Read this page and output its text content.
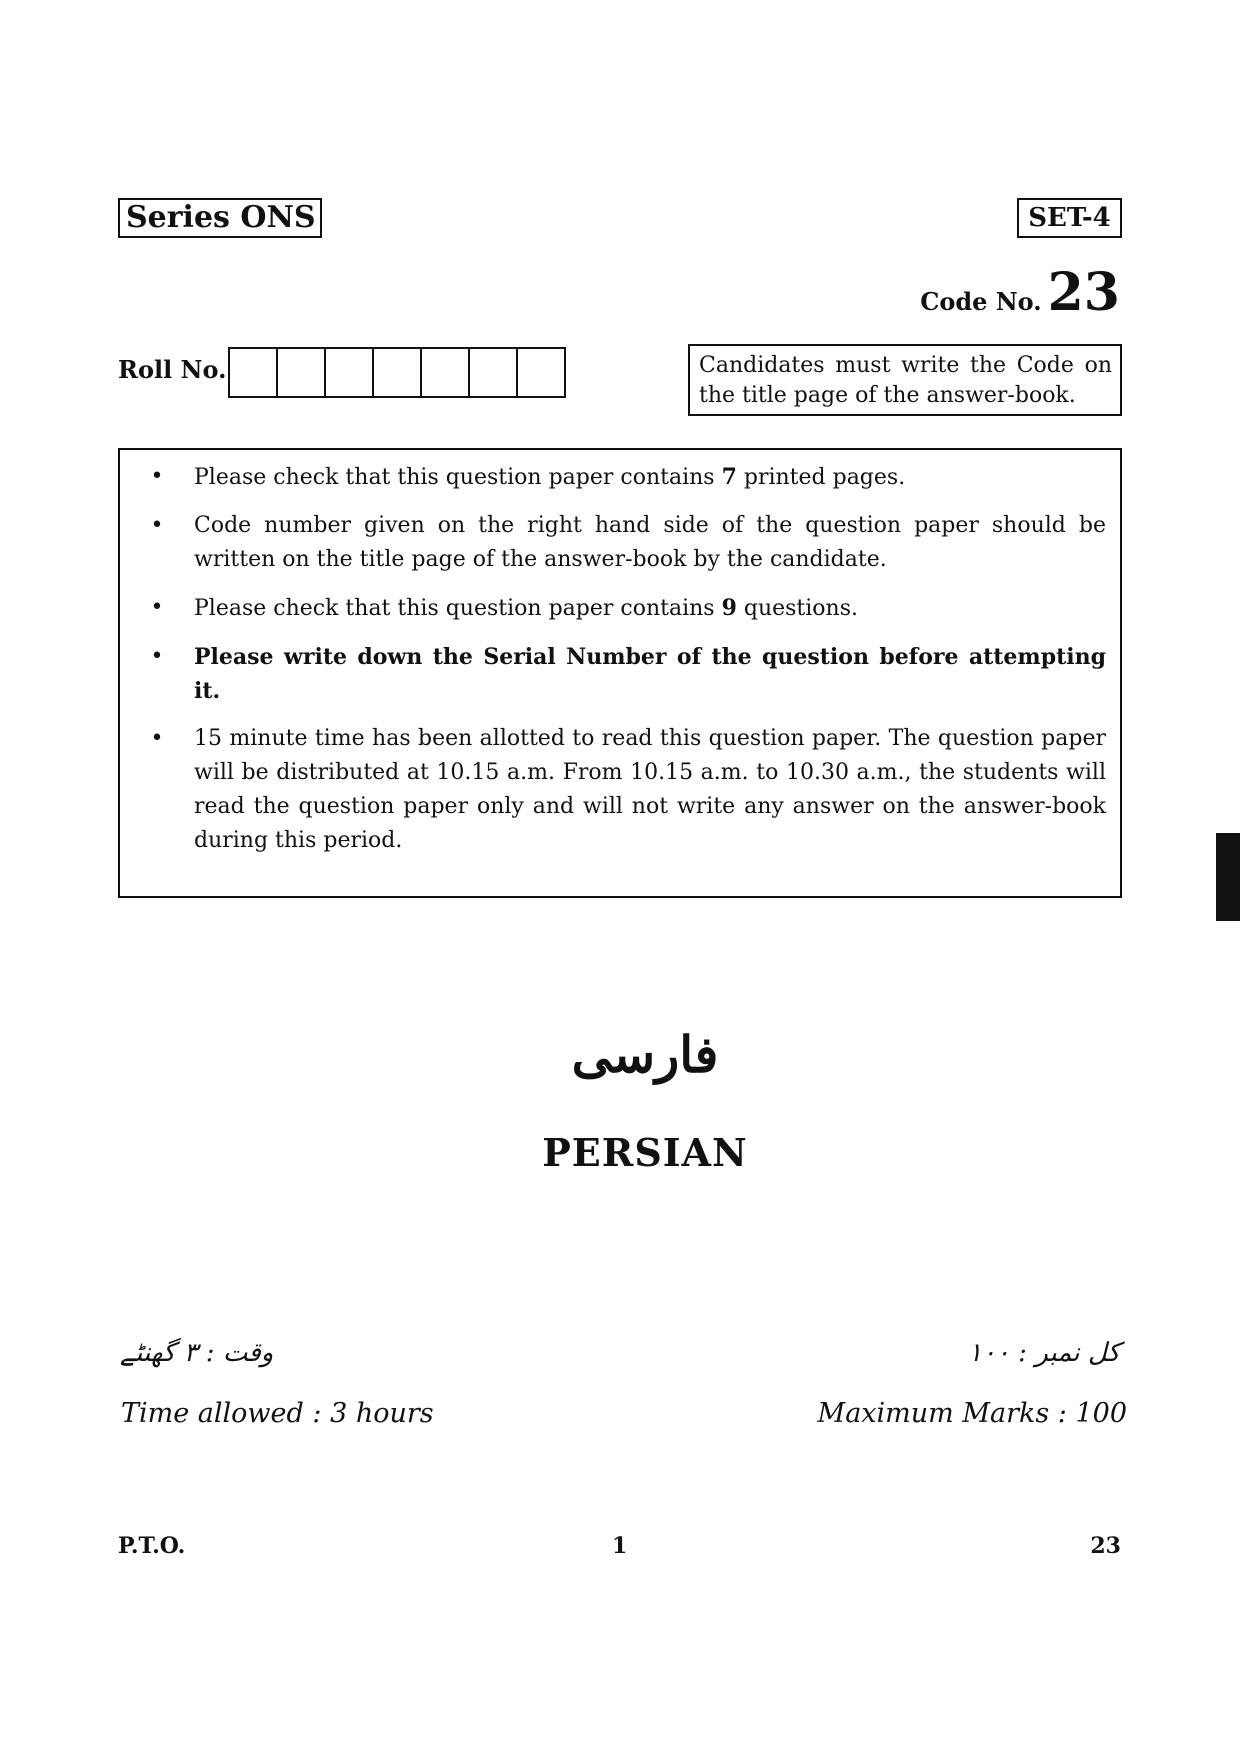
Series ONS	SET-4
Code No. 23
Roll No.	Candidates must write the Code on the title page of the answer-book.
•	Please check that this question paper contains 7 printed pages.
•	Code number given on the right hand side of the question paper should be written on the title page of the answer-book by the candidate.
•	Please check that this question paper contains 9 questions.
•	Please write down the Serial Number of the question before attempting it.
•	15 minute time has been allotted to read this question paper. The question paper will be distributed at 10.15 a.m. From 10.15 a.m. to 10.30 a.m., the students will read the question paper only and will not write any answer on the answer-book during this period.
فارسی
PERSIAN
وقت : ۳ گھنٹے	کل نمبر : ۱۰۰
Time allowed : 3 hours	Maximum Marks : 100
P.T.O.	1	23
